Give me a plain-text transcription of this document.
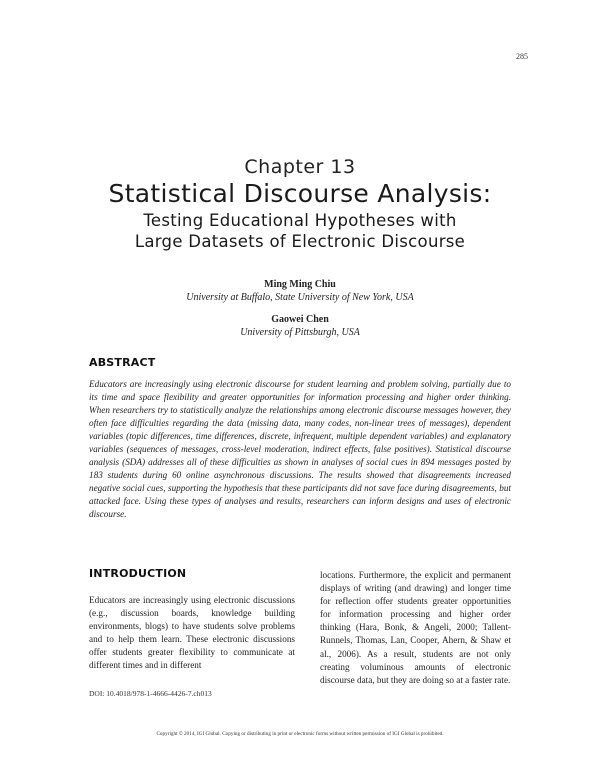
285
Chapter 13
Statistical Discourse Analysis:
Testing Educational Hypotheses with
Large Datasets of Electronic Discourse
Ming Ming Chiu
University at Buffalo, State University of New York, USA
Gaowei Chen
University of Pittsburgh, USA
ABSTRACT
Educators are increasingly using electronic discourse for student learning and problem solving, partially due to its time and space flexibility and greater opportunities for information processing and higher order thinking. When researchers try to statistically analyze the relationships among electronic discourse messages however, they often face difficulties regarding the data (missing data, many codes, non-linear trees of messages), dependent variables (topic differences, time differences, discrete, infrequent, multiple dependent variables) and explanatory variables (sequences of messages, cross-level moderation, indirect effects, false positives). Statistical discourse analysis (SDA) addresses all of these difficulties as shown in analyses of social cues in 894 messages posted by 183 students during 60 online asynchronous discussions. The results showed that disagreements increased negative social cues, supporting the hypothesis that these participants did not save face during disagreements, but attacked face. Using these types of analyses and results, researchers can inform designs and uses of electronic discourse.
INTRODUCTION
Educators are increasingly using electronic discussions (e.g., discussion boards, knowledge building environments, blogs) to have students solve problems and to help them learn. These electronic discussions offer students greater flexibility to communicate at different times and in different
locations. Furthermore, the explicit and permanent displays of writing (and drawing) and longer time for reflection offer students greater opportunities for information processing and higher order thinking (Hara, Bonk, & Angeli, 2000; Tallent-Runnels, Thomas, Lan, Cooper, Ahern, & Shaw et al., 2006). As a result, students are not only creating voluminous amounts of electronic discourse data, but they are doing so at a faster rate.
DOI: 10.4018/978-1-4666-4426-7.ch013
Copyright © 2014, IGI Global. Copying or distributing in print or electronic forms without written permission of IGI Global is prohibited.
